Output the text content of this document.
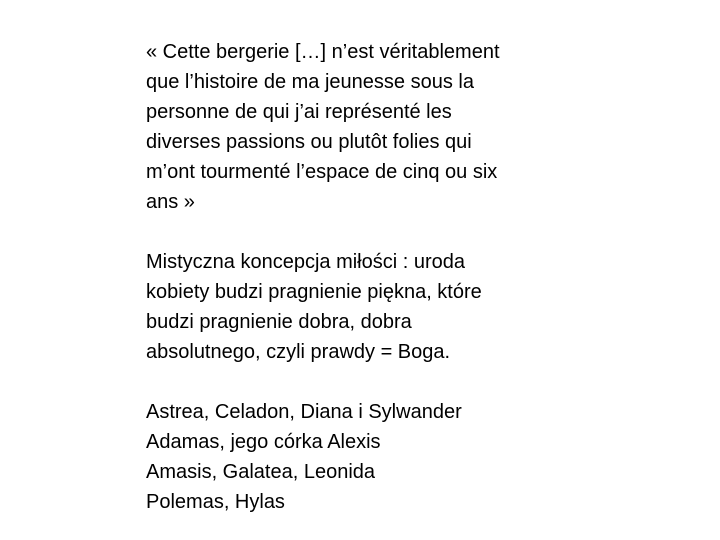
« Cette bergerie […] n’est véritablement
que l’histoire de ma jeunesse sous la
personne de qui j’ai représenté les
diverses passions ou plutôt folies qui
m’ont tourmenté l’espace de cinq ou six
ans »
Mistyczna koncepcja miłości : uroda
kobiety budzi pragnienie piękna, które
budzi pragnienie dobra, dobra
absolutnego, czyli prawdy = Boga.
Astrea, Celadon, Diana i Sylwander
Adamas, jego córka Alexis
Amasis, Galatea, Leonida
Polemas, Hylas
